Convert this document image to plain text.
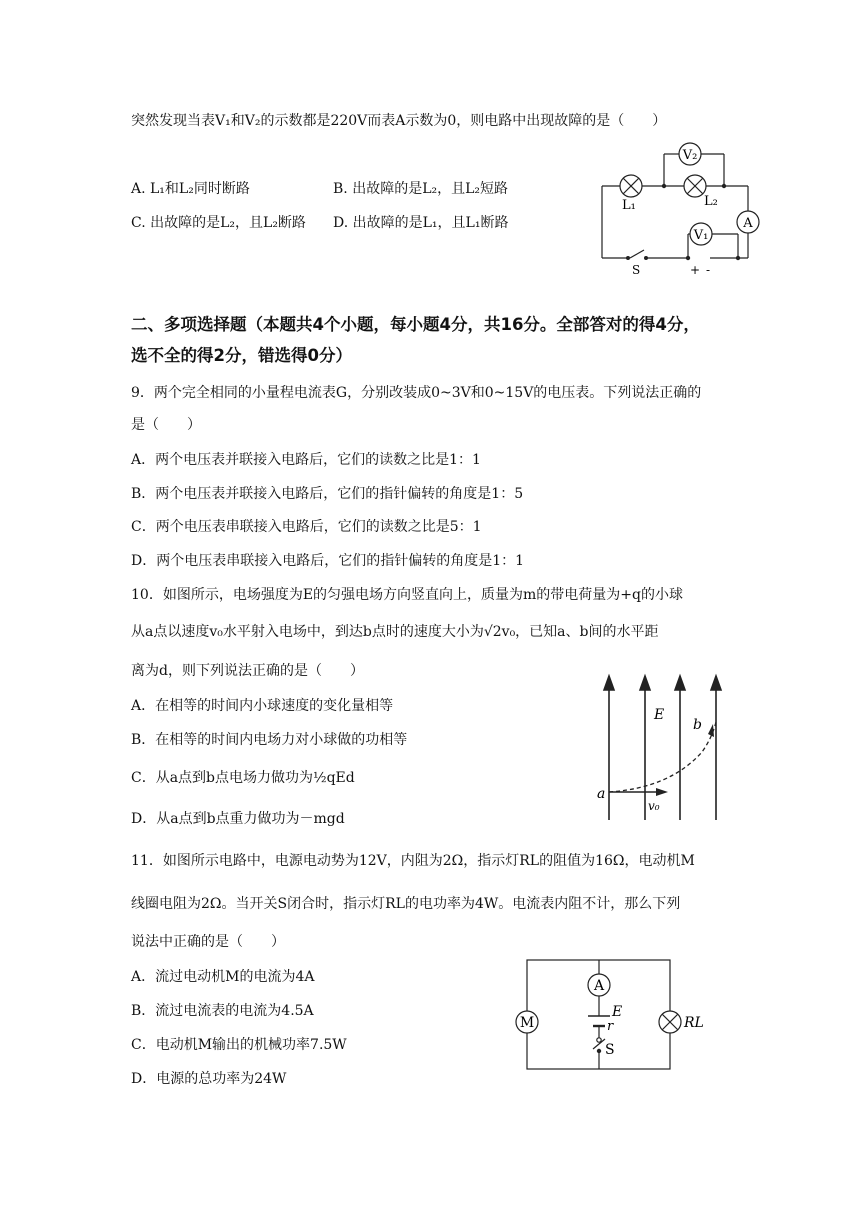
突然发现当表V₁和V₂的示数都是220V而表A示数为0，则电路中出现故障的是（　　）
A. L₁和L₂同时断路	B. 出故障的是L₂，且L₂短路
C. 出故障的是L₂，且L₂断路 D. 出故障的是L₁，且L₁断路
V₂
L₁	L₂
A
V₁
S	+ -
二、多项选择题（本题共4个小题，每小题4分，共16分。全部答对的得4分，
选不全的得2分，错选得0分）
9．两个完全相同的小量程电流表G，分别改装成0~3V和0~15V的电压表。下列说法正确的
是（　　）
A．两个电压表并联接入电路后，它们的读数之比是1：1
B．两个电压表并联接入电路后，它们的指针偏转的角度是1：5
C．两个电压表串联接入电路后，它们的读数之比是5：1
D．两个电压表串联接入电路后，它们的指针偏转的角度是1：1
10．如图所示，电场强度为E的匀强电场方向竖直向上，质量为m的带电荷量为+q的小球
从a点以速度v₀水平射入电场中，到达b点时的速度大小为√2v₀，已知a、b间的水平距
离为d，则下列说法正确的是（　　）
A．在相等的时间内小球速度的变化量相等
B．在相等的时间内电场力对小球做的功相等
C．从a点到b点电场力做功为½qEd
D．从a点到b点重力做功为－mgd
E
b
a
v₀
11．如图所示电路中，电源电动势为12V，内阻为2Ω，指示灯RL的阻值为16Ω，电动机M
线圈电阻为2Ω。当开关S闭合时，指示灯RL的电功率为4W。电流表内阻不计，那么下列
说法中正确的是（　　）
A．流过电动机M的电流为4A
B．流过电流表的电流为4.5A
C．电动机M输出的机械功率7.5W
D．电源的总功率为24W
A
E
r
S
M	RL
